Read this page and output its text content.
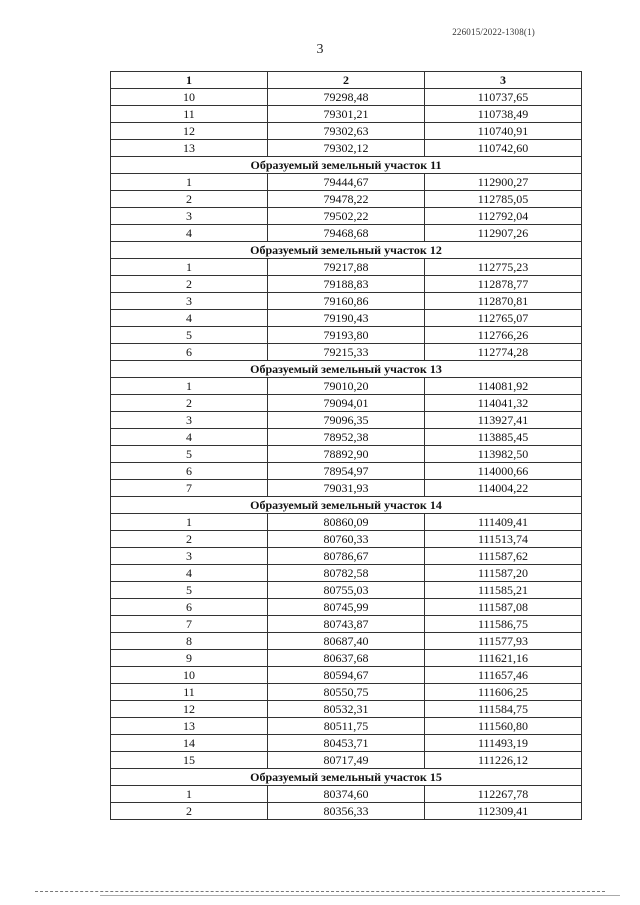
226015/2022-1308(1)
3
1	2	3
10	79298,48	110737,65
11	79301,21	110738,49
12	79302,63	110740,91
13	79302,12	110742,60
Образуемый земельный участок 11		
1	79444,67	112900,27
2	79478,22	112785,05
3	79502,22	112792,04
4	79468,68	112907,26
Образуемый земельный участок 12		
1	79217,88	112775,23
2	79188,83	112878,77
3	79160,86	112870,81
4	79190,43	112765,07
5	79193,80	112766,26
6	79215,33	112774,28
Образуемый земельный участок 13		
1	79010,20	114081,92
2	79094,01	114041,32
3	79096,35	113927,41
4	78952,38	113885,45
5	78892,90	113982,50
6	78954,97	114000,66
7	79031,93	114004,22
Образуемый земельный участок 14		
1	80860,09	111409,41
2	80760,33	111513,74
3	80786,67	111587,62
4	80782,58	111587,20
5	80755,03	111585,21
6	80745,99	111587,08
7	80743,87	111586,75
8	80687,40	111577,93
9	80637,68	111621,16
10	80594,67	111657,46
11	80550,75	111606,25
12	80532,31	111584,75
13	80511,75	111560,80
14	80453,71	111493,19
15	80717,49	111226,12
Образуемый земельный участок 15		
1	80374,60	112267,78
2	80356,33	112309,41
